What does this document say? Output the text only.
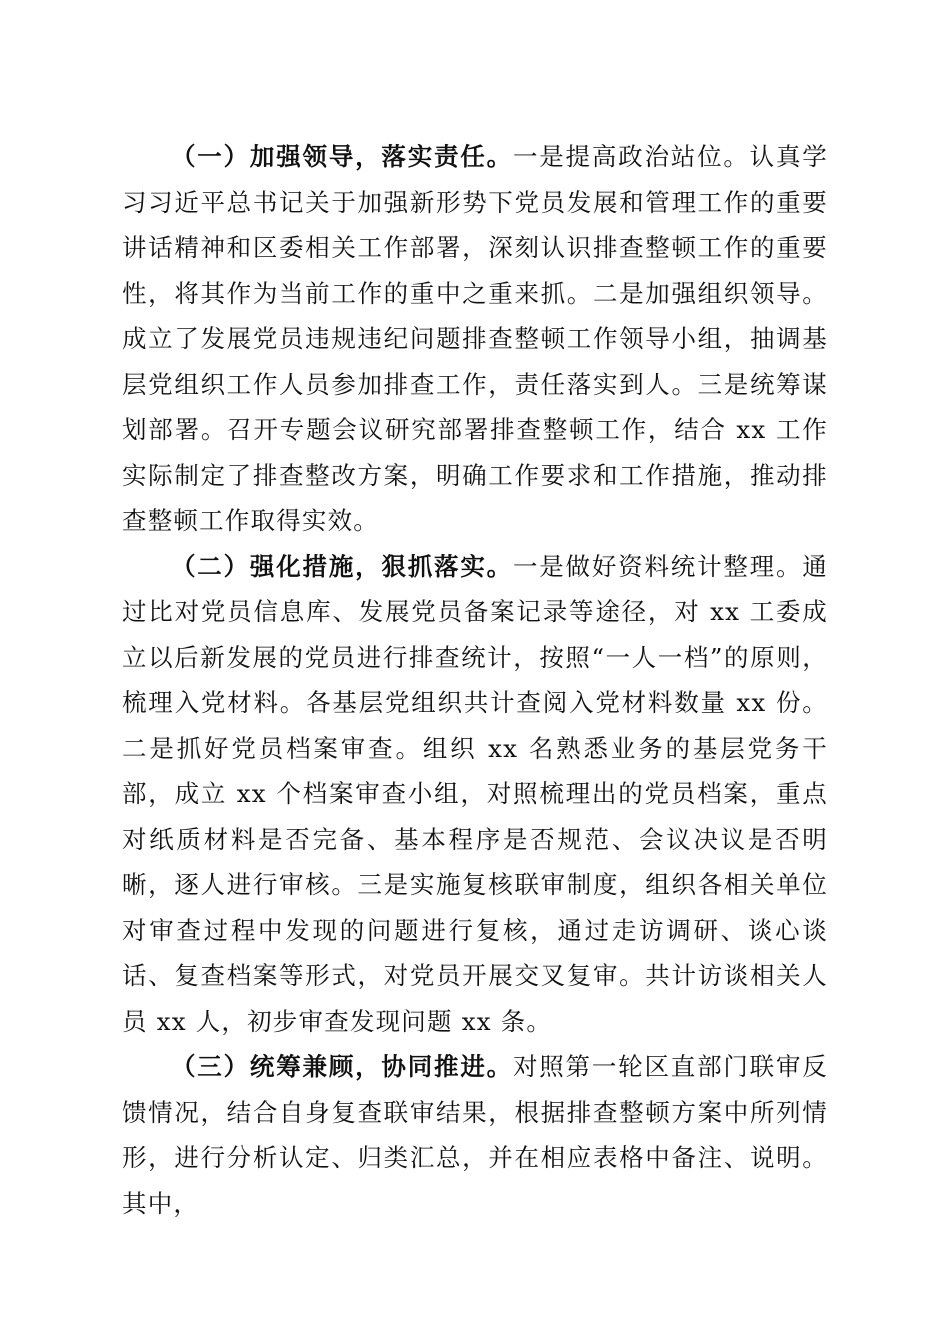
（一）加强领导，落实责任。一是提高政治站位。认真学习习近平总书记关于加强新形势下党员发展和管理工作的重要讲话精神和区委相关工作部署，深刻认识排查整顿工作的重要性，将其作为当前工作的重中之重来抓。二是加强组织领导。成立了发展党员违规违纪问题排查整顿工作领导小组，抽调基层党组织工作人员参加排查工作，责任落实到人。三是统筹谋划部署。召开专题会议研究部署排查整顿工作，结合 xx 工作实际制定了排查整改方案，明确工作要求和工作措施，推动排查整顿工作取得实效。

（二）强化措施，狠抓落实。一是做好资料统计整理。通过比对党员信息库、发展党员备案记录等途径，对 xx 工委成立以后新发展的党员进行排查统计，按照“一人一档”的原则，梳理入党材料。各基层党组织共计查阅入党材料数量 xx 份。二是抓好党员档案审查。组织 xx 名熟悉业务的基层党务干部，成立 xx 个档案审查小组，对照梳理出的党员档案，重点对纸质材料是否完备、基本程序是否规范、会议决议是否明晰，逐人进行审核。三是实施复核联审制度，组织各相关单位对审查过程中发现的问题进行复核，通过走访调研、谈心谈话、复查档案等形式，对党员开展交叉复审。共计访谈相关人员 xx 人，初步审查发现问题 xx 条。

（三）统筹兼顾，协同推进。对照第一轮区直部门联审反馈情况，结合自身复查联审结果，根据排查整顿方案中所列情形，进行分析认定、归类汇总，并在相应表格中备注、说明。其中，
